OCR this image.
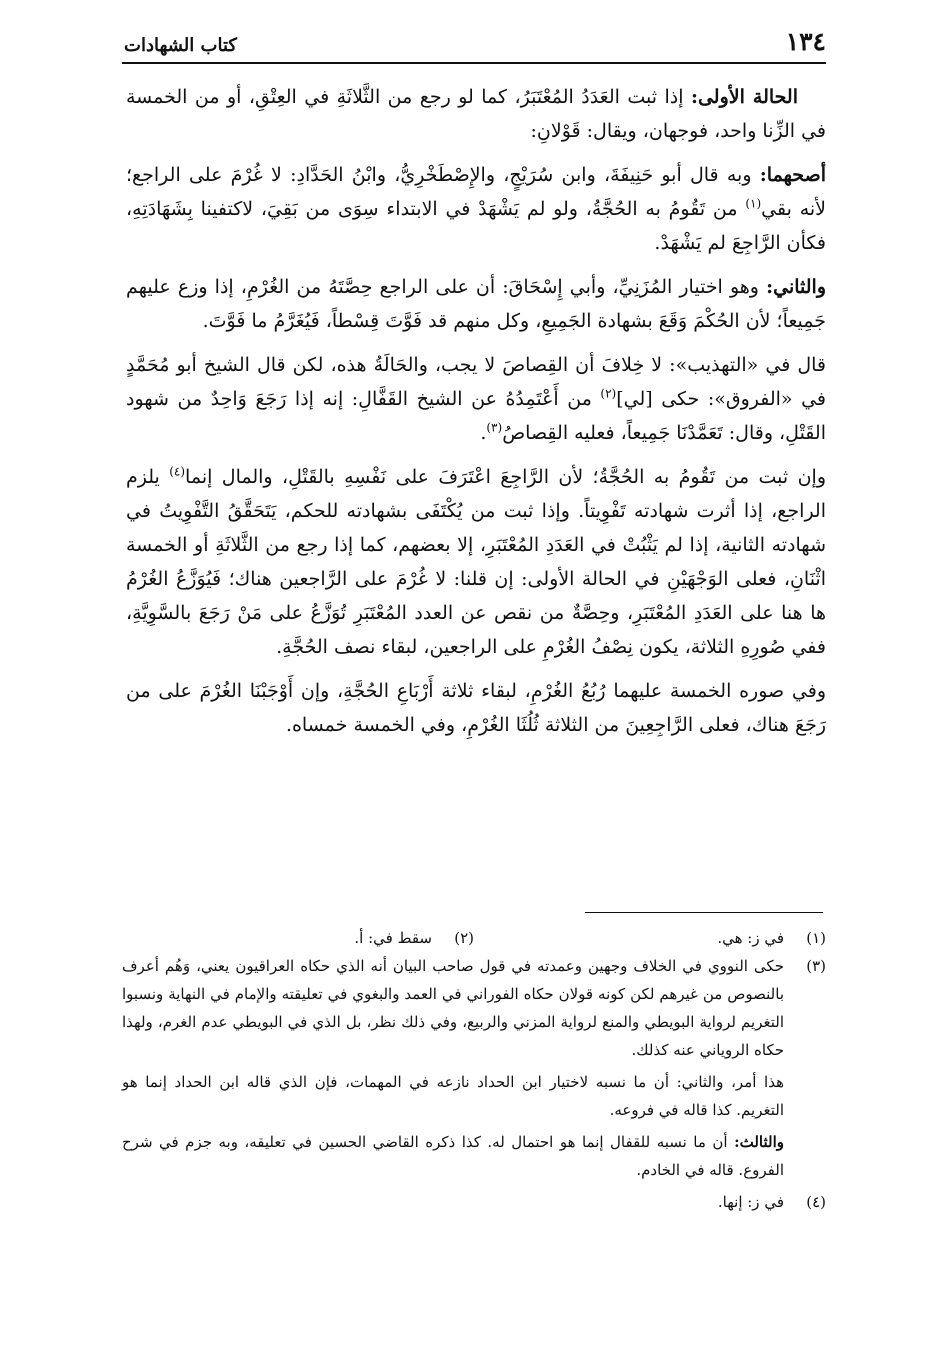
١٣٤
كتاب الشهادات

الحالة الأولى: إذا ثبت العَدَدُ المُعْتَبَرُ، كما لو رجع من الثَّلاثَةِ في العِتْقِ، أو من الخمسة في الزِّنا واحد، فوجهان، ويقال: قَوْلانِ:

أصحهما: وبه قال أبو حَنِيفَةَ، وابن سُرَيْجٍ، والإِصْطَخْرِيُّ، وابْنُ الحَدَّادِ: لا غُرْمَ على الراجع؛ لأنه بقي$^{(١)}$ من تَقُومُ به الحُجَّةُ، ولو لم يَشْهَدْ في الابتداء سِوَى من بَقِيَ، لاكتفينا بِشَهَادَتِهِ، فكأن الرَّاجِعَ لم يَشْهَدْ.

والثاني: وهو اختيار المُزَنِيِّ، وأبي إِسْحَاقَ: أن على الراجع حِصَّتَهُ من الغُرْمِ، إذا وزع عليهم جَمِيعاً؛ لأن الحُكْمَ وَقَعَ بشهادة الجَمِيعِ، وكل منهم قد فَوَّتَ قِسْطاً، فَيُغَرَّمُ ما فَوَّتَ.

قال في «التهذيب»: لا خِلافَ أن القِصاصَ لا يجب، والحَالَةُ هذه، لكن قال الشيخ أبو مُحَمَّدٍ في «الفروق»: حكى [لي]$^{(٢)}$ من أَعْتَمِدُهُ عن الشيخ القَفَّالِ: إنه إذا رَجَعَ وَاحِدٌ من شهود القَتْلِ، وقال: تَعَمَّدْنَا جَمِيعاً، فعليه القِصاصُ$^{(٣)}$.

وإن ثبت من تَقُومُ به الحُجَّةُ؛ لأن الرَّاجِعَ اعْتَرَفَ على نَفْسِهِ بالقَتْلِ، والمال إنما$^{(٤)}$ يلزم الراجع، إذا أثرت شهادته تَفْوِيتاً. وإذا ثبت من يُكْتَفَى بشهادته للحكم، يَتَحَقَّقُ التَّفْوِيتُ في شهادته الثانية، إذا لم يَثْبُتْ في العَدَدِ المُعْتَبَرِ، إلا بعضهم، كما إذا رجع من الثَّلاثَةِ أو الخمسة اثْنَانِ، فعلى الوَجْهَيْنِ في الحالة الأولى: إن قلنا: لا غُرْمَ على الرَّاجعين هناك؛ فَيُوَزَّعُ الغُرْمُ ها هنا على العَدَدِ المُعْتَبَرِ، وحِصَّةٌ من نقص عن العدد المُعْتَبَرِ تُوَزَّعُ على مَنْ رَجَعَ بالسَّوِيَّةِ، ففي صُورِهِ الثلاثة، يكون نِصْفُ الغُرْمِ على الراجعين، لبقاء نصف الحُجَّةِ.

وفي صوره الخمسة عليهما رُبُعُ الغُرْمِ، لبقاء ثلاثة أَرْبَاعِ الحُجَّةِ، وإن أَوْجَبْنَا الغُرْمَ على من رَجَعَ هناك، فعلى الرَّاجِعِينَ من الثلاثة ثُلُثَا الغُرْمِ، وفي الخمسة خمساه.

(١)
في ز: هي.
(٢)
سقط في: أ.
(٣)
حكى النووي في الخلاف وجهين وعمدته في قول صاحب البيان أنه الذي حكاه العراقيون يعني، وَهُم أعرف بالنصوص من غيرهم لكن كونه قولان حكاه الفوراني في العمد والبغوي في تعليقته والإمام في النهاية ونسبوا التغريم لرواية البويطي والمنع لرواية المزني والربيع، وفي ذلك نظر، بل الذي في البويطي عدم الغرم، ولهذا حكاه الروياني عنه كذلك.
هذا أمر، والثاني: أن ما نسبه لاختيار ابن الحداد نازعه في المهمات، فإن الذي قاله ابن الحداد إنما هو التغريم. كذا قاله في فروعه.
والثالث: أن ما نسبه للقفال إنما هو احتمال له. كذا ذكره القاضي الحسين في تعليقه، وبه جزم في شرح الفروع. قاله في الخادم.
(٤)
في ز: إنها.
